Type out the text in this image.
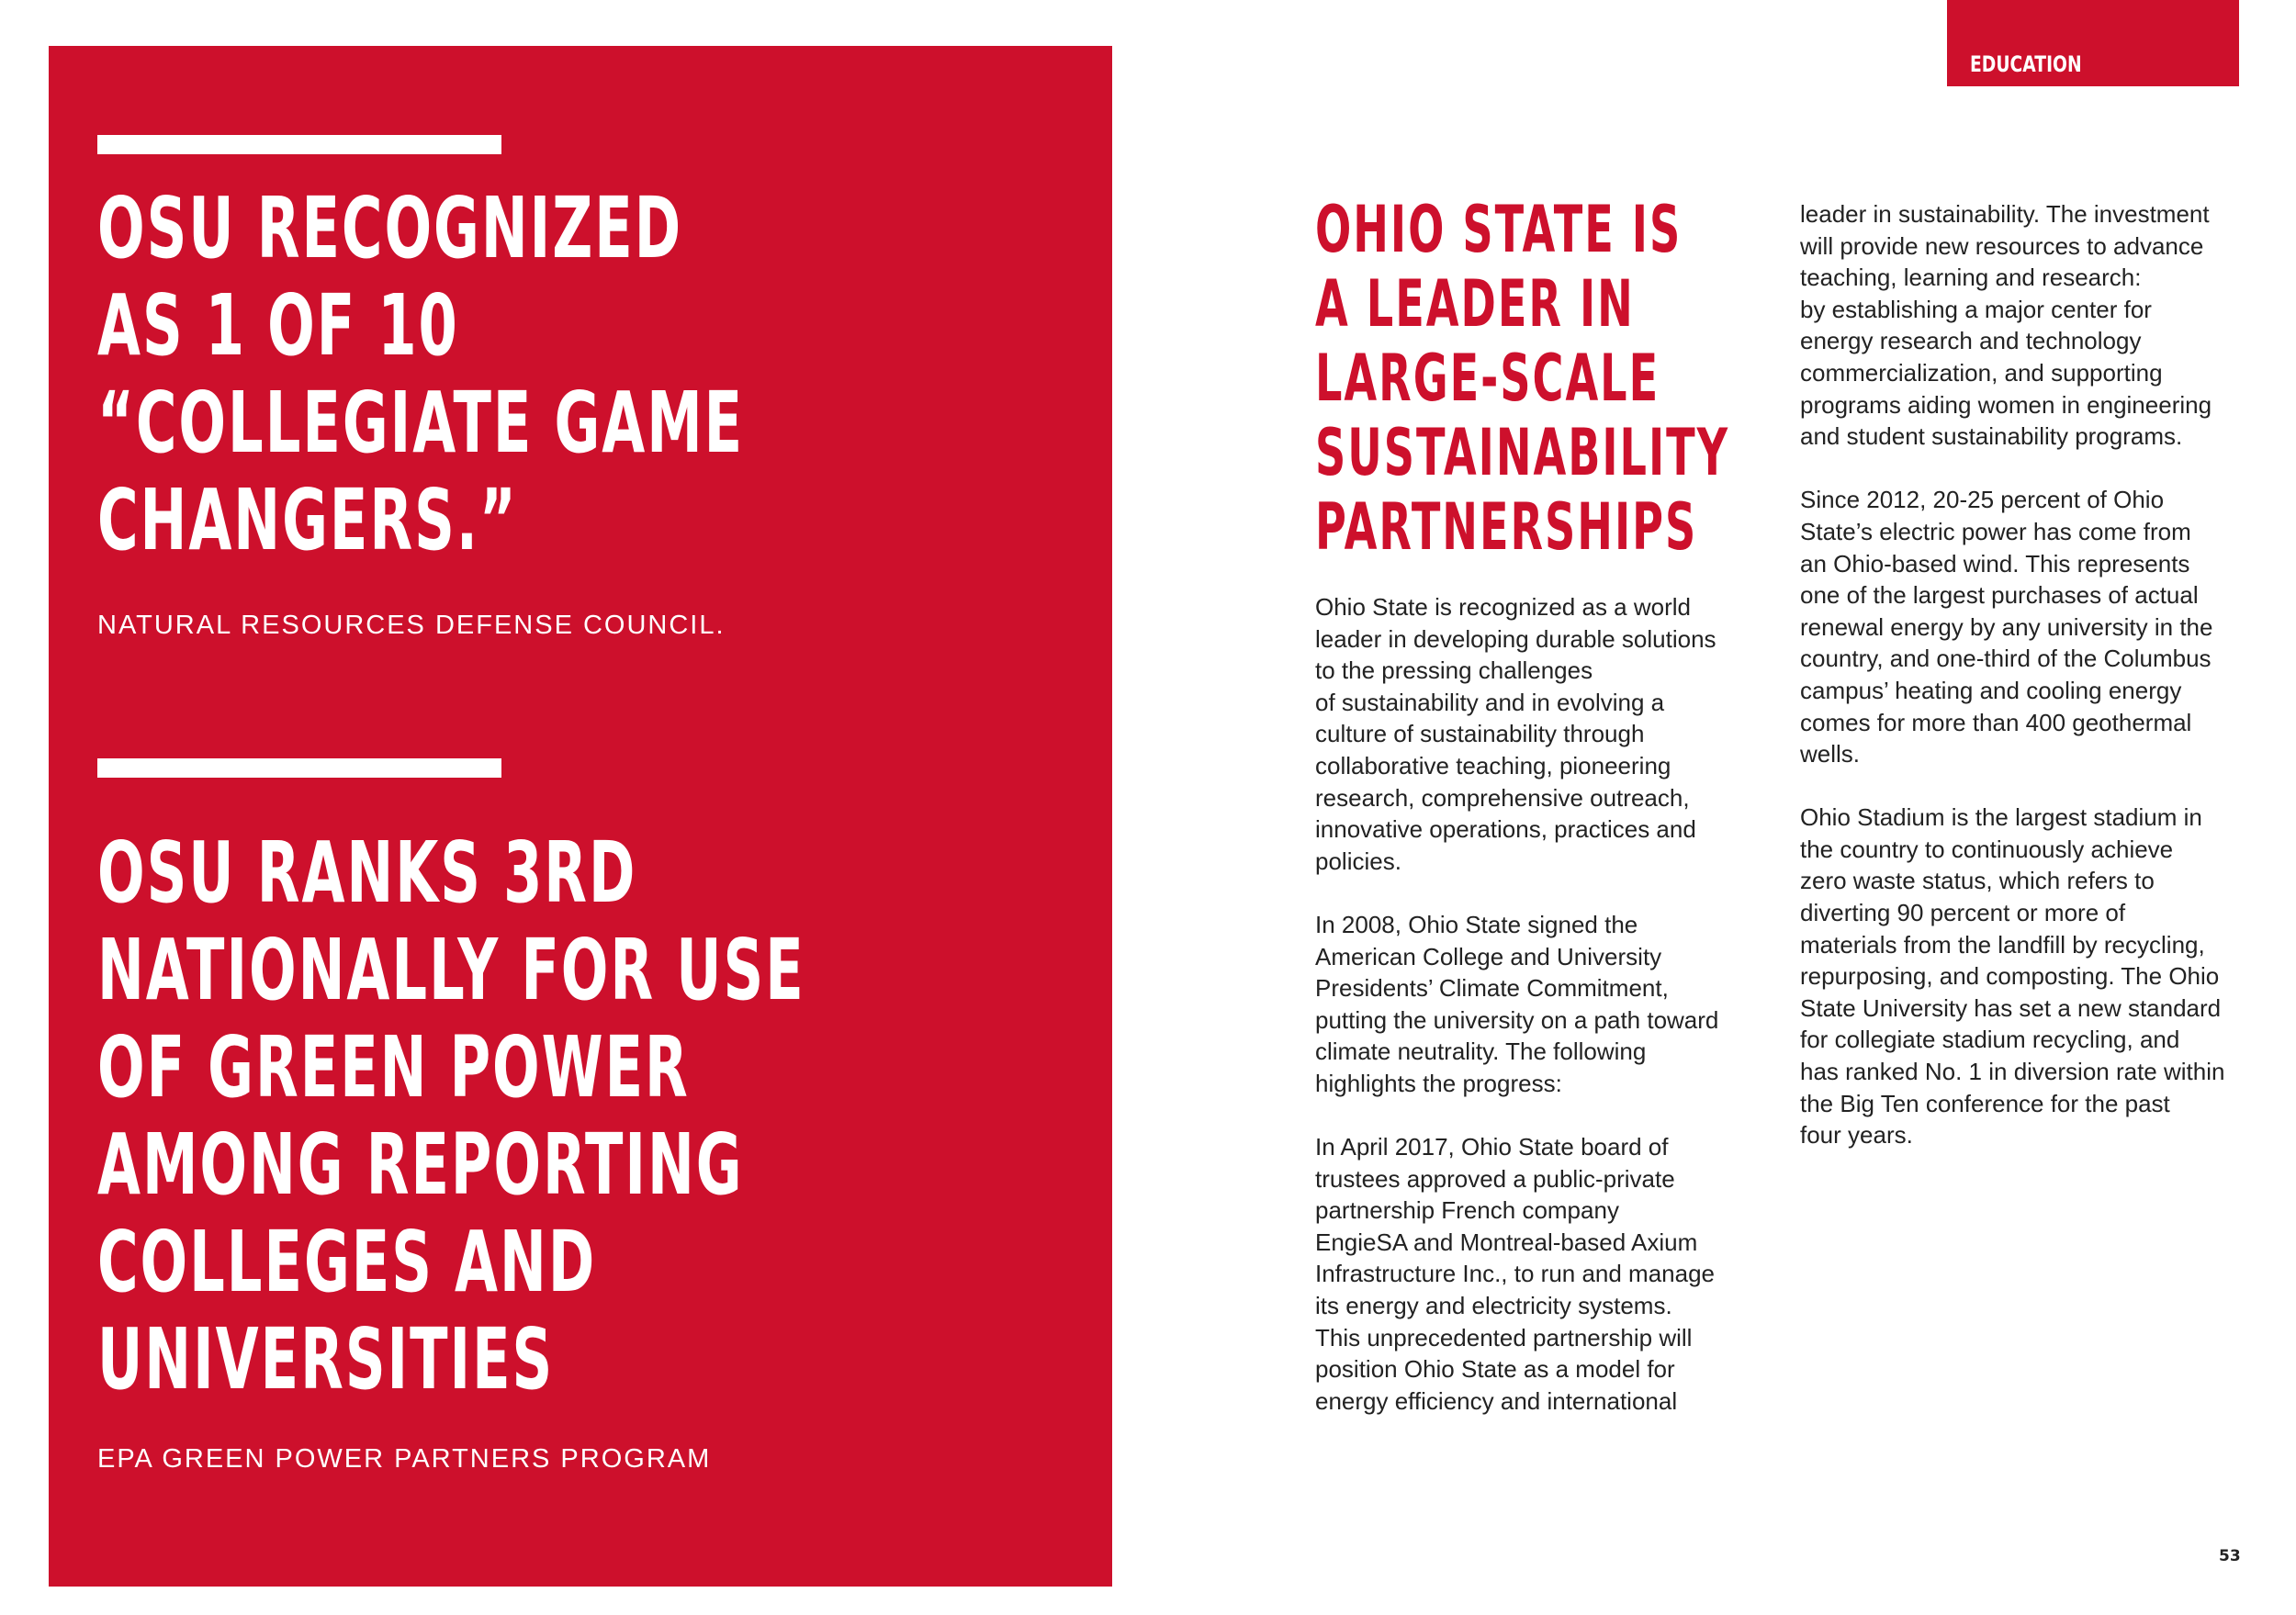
OSU RECOGNIZED
AS 1 OF 10
“COLLEGIATE GAME
CHANGERS.”

NATURAL RESOURCES DEFENSE COUNCIL.

OSU RANKS 3RD
NATIONALLY FOR USE
OF GREEN POWER
AMONG REPORTING
COLLEGES AND
UNIVERSITIES

EPA GREEN POWER PARTNERS PROGRAM

EDUCATION
OHIO STATE IS
A LEADER IN
LARGE-SCALE
SUSTAINABILITY
PARTNERSHIPS

Ohio State is recognized as a world
leader in developing durable solutions
to the pressing challenges
of sustainability and in evolving a
culture of sustainability through
collaborative teaching, pioneering
research, comprehensive outreach,
innovative operations, practices and
policies.

In 2008, Ohio State signed the
American College and University
Presidents’ Climate Commitment,
putting the university on a path toward
climate neutrality. The following
highlights the progress:

In April 2017, Ohio State board of
trustees approved a public-private
partnership French company
EngieSA and Montreal-based Axium
Infrastructure Inc., to run and manage
its energy and electricity systems.
This unprecedented partnership will
position Ohio State as a model for
energy efficiency and international

leader in sustainability. The investment
will provide new resources to advance
teaching, learning and research:
by establishing a major center for
energy research and technology
commercialization, and supporting
programs aiding women in engineering
and student sustainability programs.

Since 2012, 20-25 percent of Ohio
State’s electric power has come from
an Ohio-based wind. This represents
one of the largest purchases of actual
renewal energy by any university in the
country, and one-third of the Columbus
campus’ heating and cooling energy
comes for more than 400 geothermal
wells.

Ohio Stadium is the largest stadium in
the country to continuously achieve
zero waste status, which refers to
diverting 90 percent or more of
materials from the landfill by recycling,
repurposing, and composting. The Ohio
State University has set a new standard
for collegiate stadium recycling, and
has ranked No. 1 in diversion rate within
the Big Ten conference for the past
four years.

53
